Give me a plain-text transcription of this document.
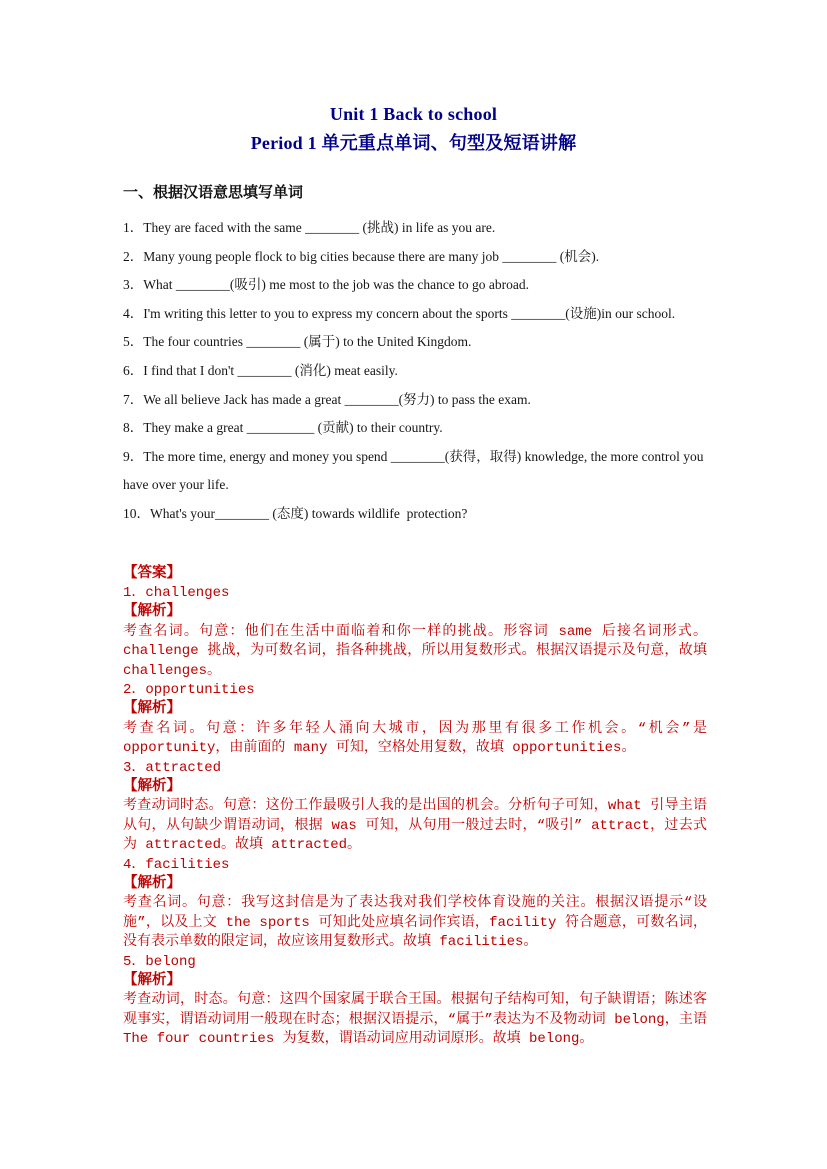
Unit 1 Back to school
Period 1 单元重点单词、句型及短语讲解
一、根据汉语意思填写单词

1．They are faced with the same ________ (挑战) in life as you are.

2．Many young people flock to big cities because there are many job ________ (机会).

3．What ________(吸引) me most to the job was the chance to go abroad.

4．I'm writing this letter to you to express my concern about the sports ________(设施)in our school.

5．The four countries ________ (属于) to the United Kingdom.

6．I find that I don't ________ (消化) meat easily.

7．We all believe Jack has made a great ________(努力) to pass the exam.

8．They make a great __________ (贡献) to their country.

9．The more time, energy and money you spend ________(获得，取得) knowledge, the more control you have over your life.

10．What's your________ (态度) towards wildlife  protection?

【答案】

1．challenges

【解析】

考查名词。句意：他们在生活中面临着和你一样的挑战。形容词 same 后接名词形式。challenge 挑战，为可数名词，指各种挑战，所以用复数形式。根据汉语提示及句意，故填 challenges。

2．opportunities

【解析】

考查名词。句意：许多年轻人涌向大城市，因为那里有很多工作机会。“机会”是 opportunity，由前面的 many 可知，空格处用复数，故填 opportunities。

3．attracted

【解析】

考查动词时态。句意：这份工作最吸引人我的是出国的机会。分析句子可知，what 引导主语从句，从句缺少谓语动词，根据 was 可知，从句用一般过去时，“吸引” attract，过去式为 attracted。故填 attracted。

4．facilities

【解析】

考查名词。句意：我写这封信是为了表达我对我们学校体育设施的关注。根据汉语提示“设施”，以及上文 the sports 可知此处应填名词作宾语，facility 符合题意，可数名词，没有表示单数的限定词，故应该用复数形式。故填 facilities。

5．belong

【解析】

考查动词，时态。句意：这四个国家属于联合王国。根据句子结构可知，句子缺谓语；陈述客观事实，谓语动词用一般现在时态；根据汉语提示，“属于”表达为不及物动词 belong，主语 The four countries 为复数，谓语动词应用动词原形。故填 belong。
